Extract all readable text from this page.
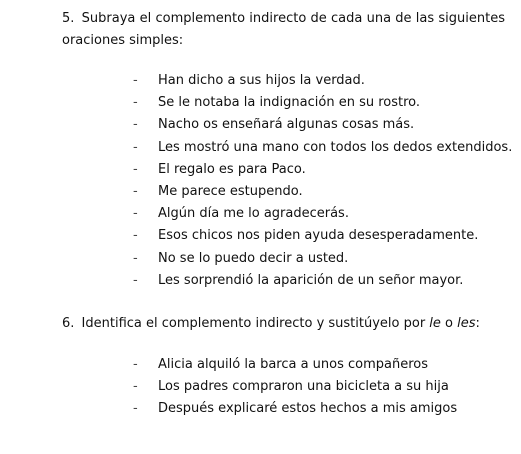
5. Subraya el complemento indirecto de cada una de las siguientes oraciones simples:

- Han dicho a sus hijos la verdad.
- Se le notaba la indignación en su rostro.
- Nacho os enseñará algunas cosas más.
- Les mostró una mano con todos los dedos extendidos.
- El regalo es para Paco.
- Me parece estupendo.
- Algún día me lo agradecerás.
- Esos chicos nos piden ayuda desesperadamente.
- No se lo puedo decir a usted.
- Les sorprendió la aparición de un señor mayor.

6. Identifica el complemento indirecto y sustitúyelo por le o les:

- Alicia alquiló la barca a unos compañeros
- Los padres compraron una bicicleta a su hija
- Después explicaré estos hechos a mis amigos
